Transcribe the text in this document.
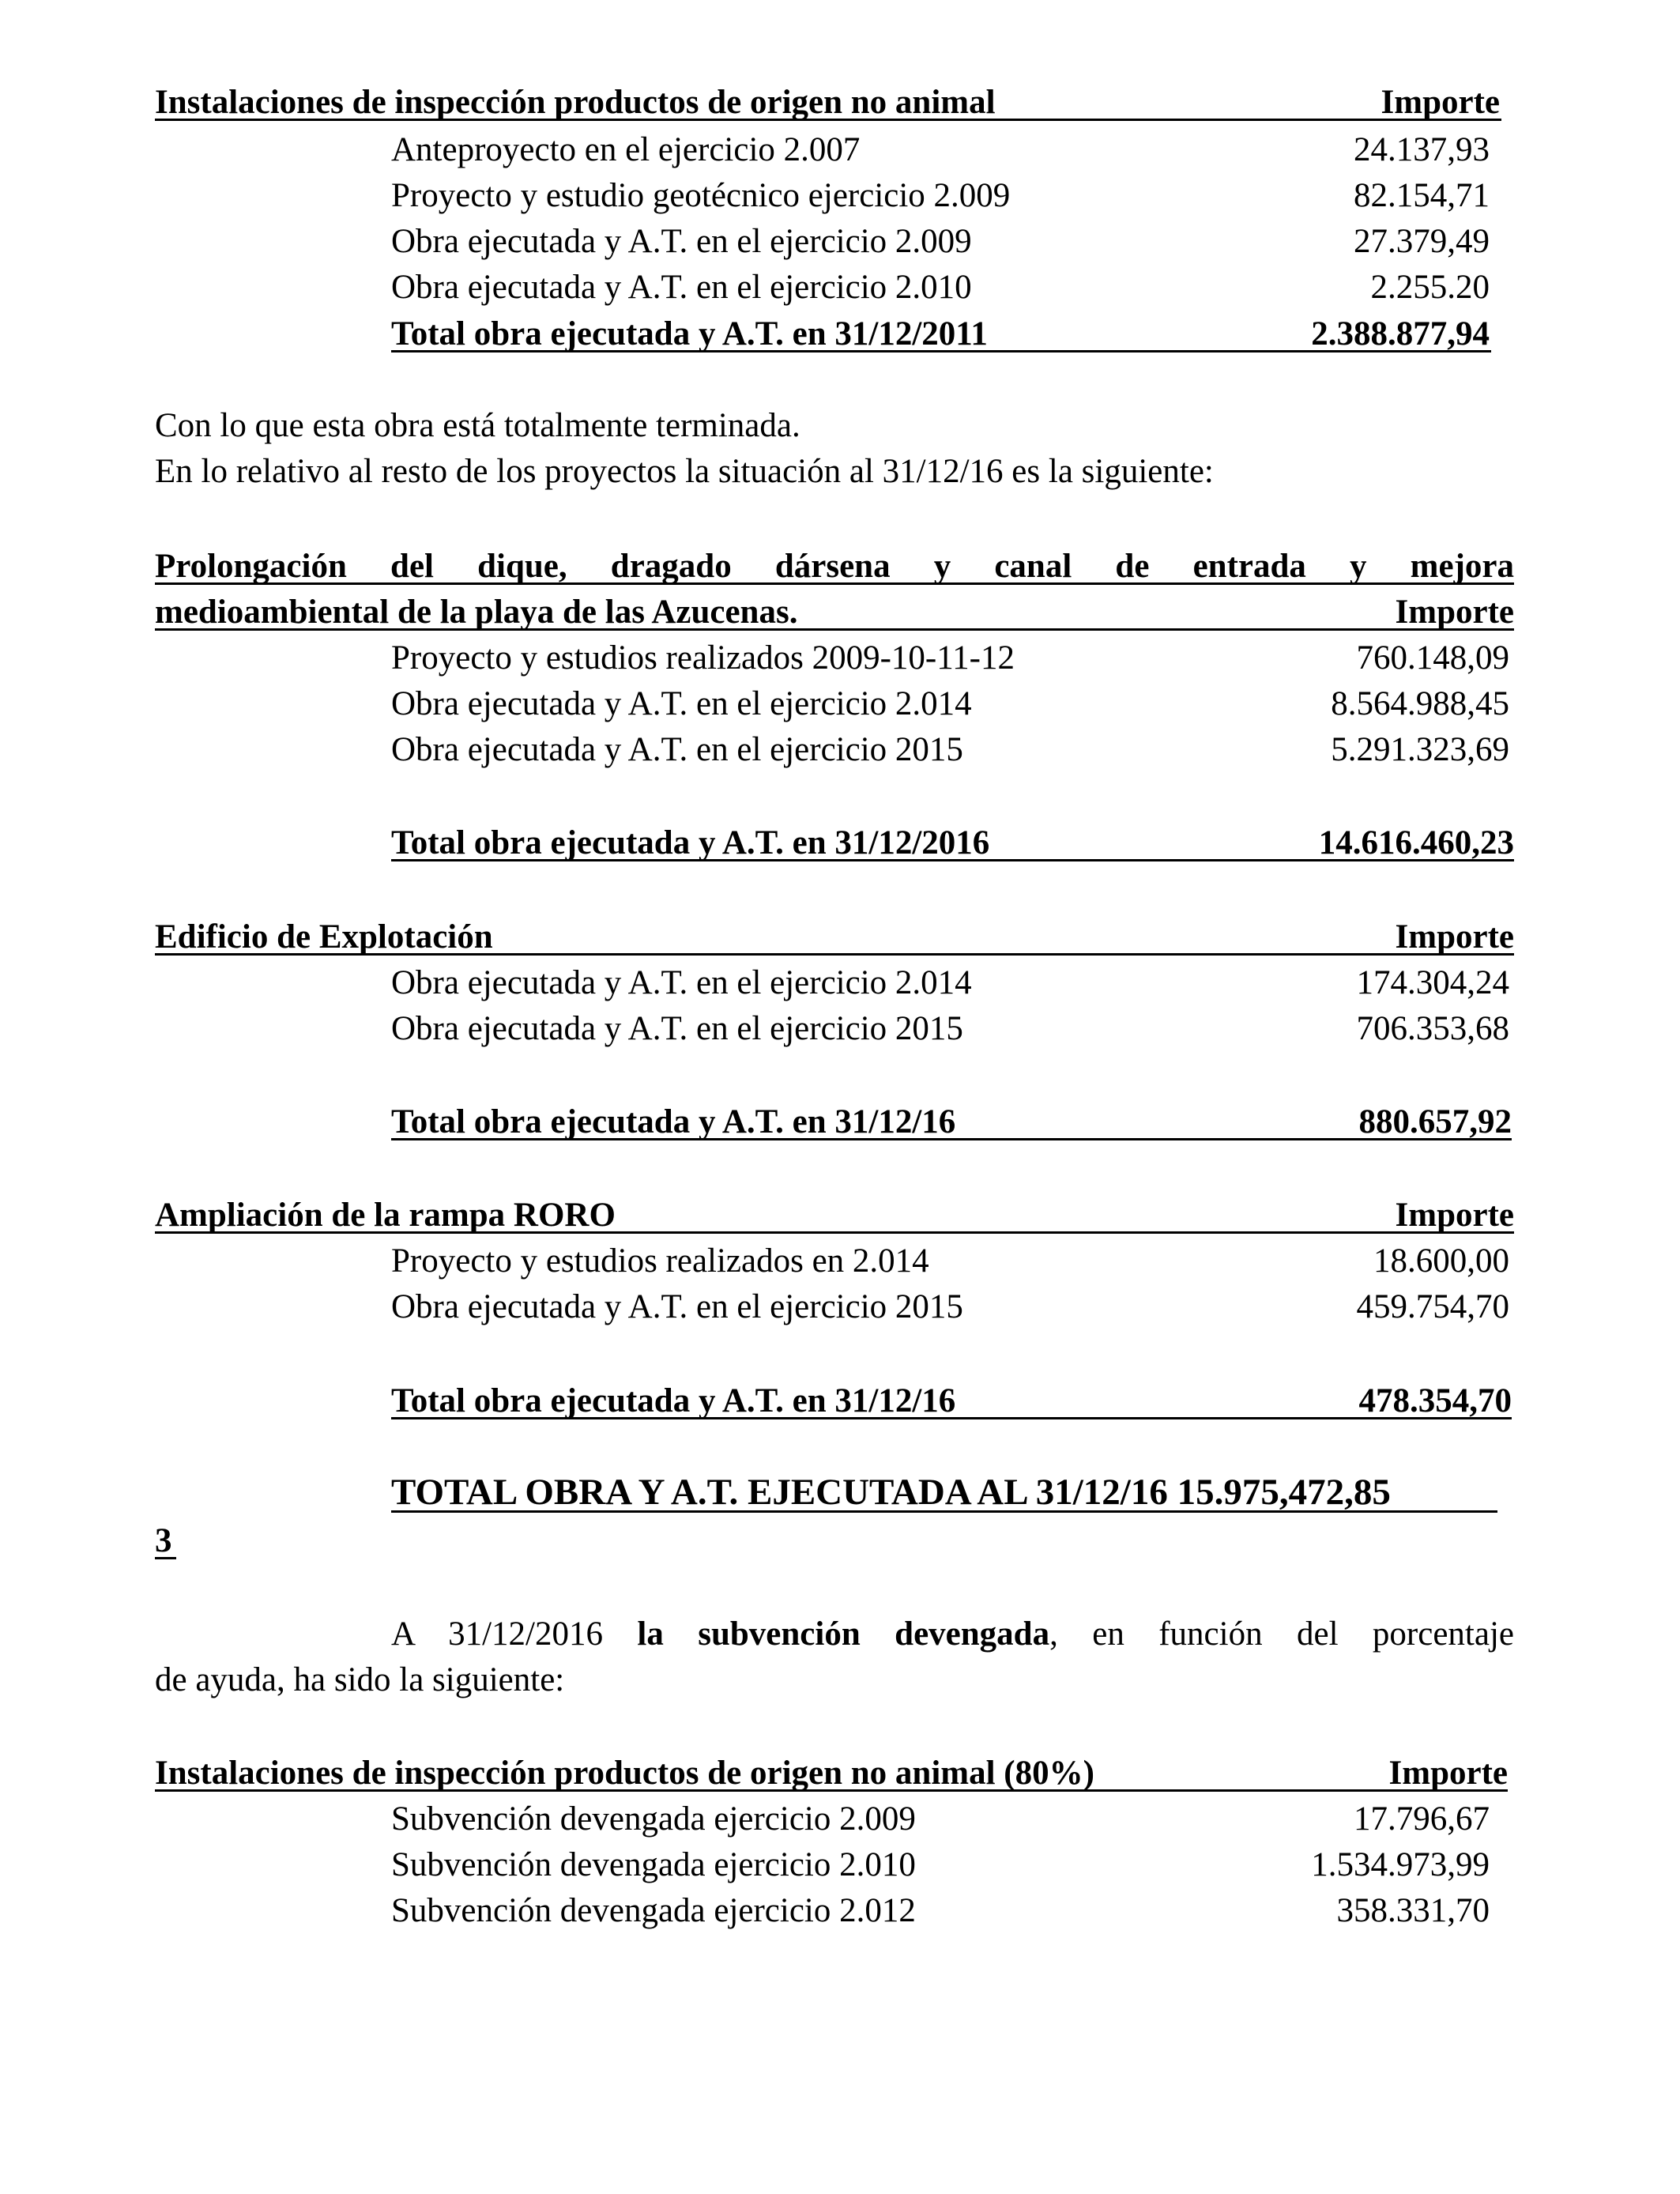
Instalaciones de inspección productos de origen no animal	Importe
Anteproyecto en el ejercicio 2.007	24.137,93
Proyecto y estudio geotécnico ejercicio 2.009	82.154,71
Obra ejecutada y A.T. en el ejercicio 2.009	27.379,49
Obra ejecutada y A.T. en el ejercicio 2.010	2.255.20
Total obra ejecutada y A.T. en 31/12/2011	2.388.877,94
Con lo que esta obra está totalmente terminada.
En lo relativo al resto de los proyectos la situación al 31/12/16 es la siguiente:
Prolongación del dique, dragado dársena y canal de entrada y mejora
medioambiental de la playa de las Azucenas.	Importe
Proyecto y estudios realizados 2009-10-11-12	760.148,09
Obra ejecutada y A.T. en el ejercicio 2.014	8.564.988,45
Obra ejecutada y A.T. en el ejercicio 2015	5.291.323,69
Total obra ejecutada y A.T. en 31/12/2016	14.616.460,23
Edificio de Explotación	Importe
Obra ejecutada y A.T. en el ejercicio 2.014	174.304,24
Obra ejecutada y A.T. en el ejercicio 2015	706.353,68
Total obra ejecutada y A.T. en 31/12/16	880.657,92
Ampliación de la rampa RORO	Importe
Proyecto y estudios realizados en 2.014	18.600,00
Obra ejecutada y A.T. en el ejercicio 2015	459.754,70
Total obra ejecutada y A.T. en 31/12/16	478.354,70
TOTAL OBRA Y A.T. EJECUTADA AL 31/12/16 15.975,472,85
3
A 31/12/2016 la subvención devengada, en función del porcentaje
de ayuda, ha sido la siguiente:
Instalaciones de inspección productos de origen no animal (80%)	Importe
Subvención devengada ejercicio 2.009	17.796,67
Subvención devengada ejercicio 2.010	1.534.973,99
Subvención devengada ejercicio 2.012	358.331,70
